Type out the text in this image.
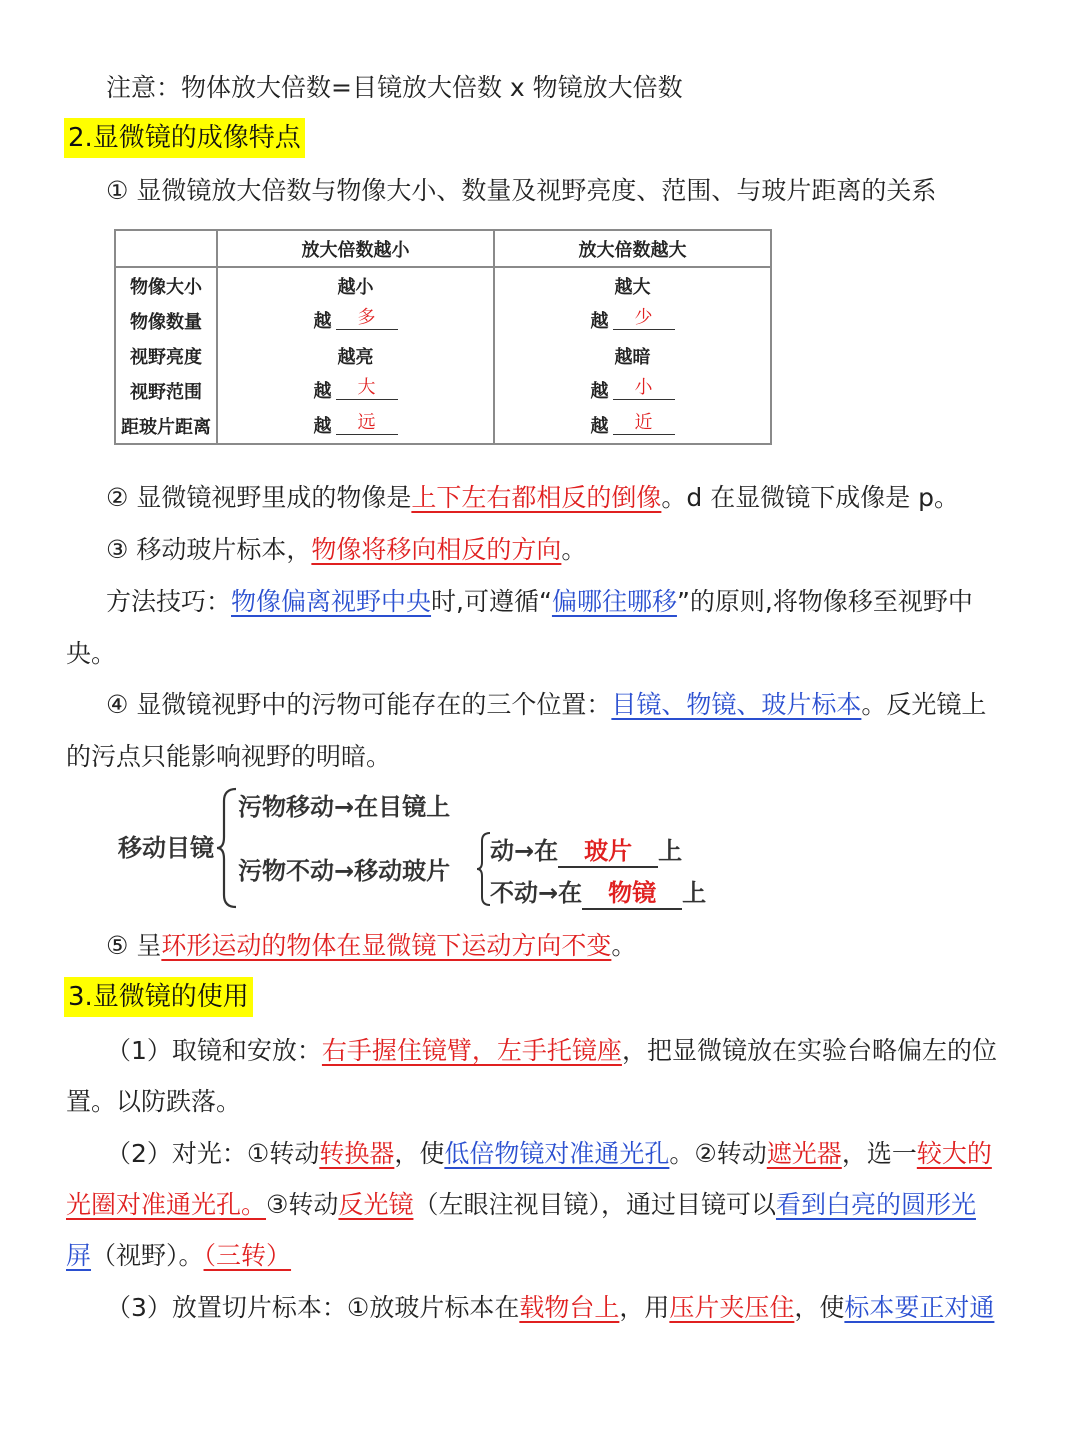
注意：物体放大倍数=目镜放大倍数 x 物镜放大倍数
2.显微镜的成像特点
① 显微镜放大倍数与物像大小、数量及视野亮度、范围、与玻片距离的关系
	放大倍数越小	放大倍数越大
物像大小	越小	越大
物像数量	越 多	越 少
视野亮度	越亮	越暗
视野范围	越 大	越 小
距玻片距离	越 远	越 近
② 显微镜视野里成的物像是上下左右都相反的倒像。d 在显微镜下成像是 p。
③ 移动玻片标本，物像将移向相反的方向。
方法技巧：物像偏离视野中央时,可遵循“偏哪往哪移”的原则,将物像移至视野中
央。
④ 显微镜视野中的污物可能存在的三个位置：目镜、物镜、玻片标本。反光镜上
的污点只能影响视野的明暗。
移动目镜
污物移动→在目镜上
污物不动→移动玻片
动→在 玻片 上
不动→在 物镜 上
⑤ 呈环形运动的物体在显微镜下运动方向不变。
3.显微镜的使用
（1）取镜和安放：右手握住镜臂，左手托镜座，把显微镜放在实验台略偏左的位
置。以防跌落。
（2）对光：①转动转换器，使低倍物镜对准通光孔。②转动遮光器，选一较大的
光圈对准通光孔。③转动反光镜（左眼注视目镜），通过目镜可以看到白亮的圆形光
屏（视野）。（三转）
（3）放置切片标本：①放玻片标本在载物台上，用压片夹压住，使标本要正对通
